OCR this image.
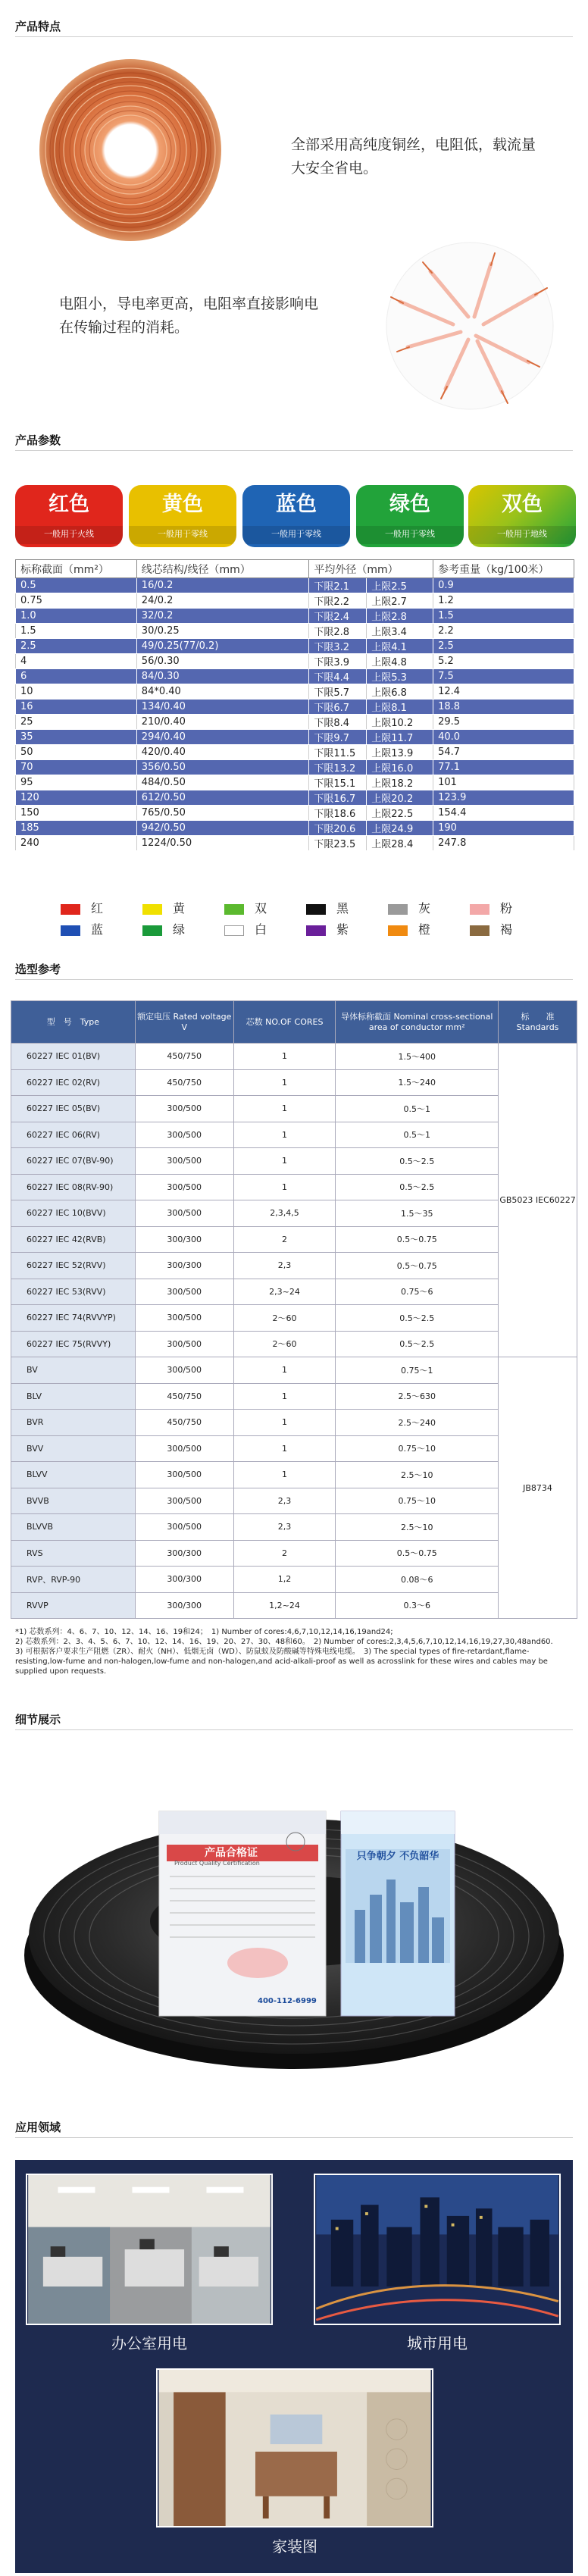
产品特点
全部采用高纯度铜丝，电阻低，载流量大安全省电。
电阻小，导电率更高，电阻率直接影响电在传输过程的消耗。
产品参数
红色
一般用于火线
黄色
一般用于零线
蓝色
一般用于零线
绿色
一般用于零线
双色
一般用于地线
标称截面（mm²）	线芯结构/线径（mm）	平均外径（mm）		参考重量（kg/100米）
0.5	16/0.2	下限2.1	上限2.5	0.9
0.75	24/0.2	下限2.2	上限2.7	1.2
1.0	32/0.2	下限2.4	上限2.8	1.5
1.5	30/0.25	下限2.8	上限3.4	2.2
2.5	49/0.25(77/0.2)	下限3.2	上限4.1	2.5
4	56/0.30	下限3.9	上限4.8	5.2
6	84/0.30	下限4.4	上限5.3	7.5
10	84*0.40	下限5.7	上限6.8	12.4
16	134/0.40	下限6.7	上限8.1	18.8
25	210/0.40	下限8.4	上限10.2	29.5
35	294/0.40	下限9.7	上限11.7	40.0
50	420/0.40	下限11.5	上限13.9	54.7
70	356/0.50	下限13.2	上限16.0	77.1
95	484/0.50	下限15.1	上限18.2	101
120	612/0.50	下限16.7	上限20.2	123.9
150	765/0.50	下限18.6	上限22.5	154.4
185	942/0.50	下限20.6	上限24.9	190
240	1224/0.50	下限23.5	上限28.4	247.8
红	黄	双	黑	灰	粉
蓝	绿	白	紫	橙	褐
选型参考
型　号　Type	额定电压 Rated voltage V	芯数 NO.OF CORES	导体标称截面 Nominal cross-sectional area of conductor mm²	标　　准 Standards
60227 IEC 01(BV)	450/750	1	1.5～400	GB5023 IEC60227
60227 IEC 02(RV)	450/750	1	1.5～240	
60227 IEC 05(BV)	300/500	1	0.5～1	
60227 IEC 06(RV)	300/500	1	0.5～1	
60227 IEC 07(BV-90)	300/500	1	0.5～2.5	
60227 IEC 08(RV-90)	300/500	1	0.5～2.5	
60227 IEC 10(BVV)	300/500	2,3,4,5	1.5～35	
60227 IEC 42(RVB)	300/300	2	0.5～0.75	
60227 IEC 52(RVV)	300/300	2,3	0.5～0.75	
60227 IEC 53(RVV)	300/500	2,3~24	0.75～6	
60227 IEC 74(RVVYP)	300/500	2～60	0.5～2.5	
60227 IEC 75(RVVY)	300/500	2～60	0.5～2.5	
BV	300/500	1	0.75～1	JB8734
BLV	450/750	1	2.5～630	
BVR	450/750	1	2.5～240	
BVV	300/500	1	0.75～10	
BLVV	300/500	1	2.5～10	
BVVB	300/500	2,3	0.75～10	
BLVVB	300/500	2,3	2.5～10	
RVS	300/300	2	0.5～0.75	
RVP、RVP-90	300/300	1,2	0.08～6	
RVVP	300/300	1,2~24	0.3～6	
*1) 芯数系列：4、6、7、10、12、14、16、19和24；　1) Number of cores:4,6,7,10,12,14,16,19and24;
2) 芯数系列：2、3、4、5、6、7、10、12、14、16、19、20、27、30、48和60。　2) Number of cores:2,3,4,5,6,7,10,12,14,16,19,27,30,48and60.
3) 可根据客户要求生产阻燃（ZR）、耐火（NH）、低烟无卤（WD）、防鼠蚁及防酸碱等特殊电线电缆。　3) The special types of fire-retardant,flame-resisting,low-fume and non-halogen,low-fume and non-halogen,and acid-alkali-proof as well as acrosslink for these wires and cables may be supplied upon requests.
细节展示
产品合格证
Product Quality Certification
400-112-6999
只争朝夕 不负韶华
应用领域
办公室用电	城市用电
家装图
